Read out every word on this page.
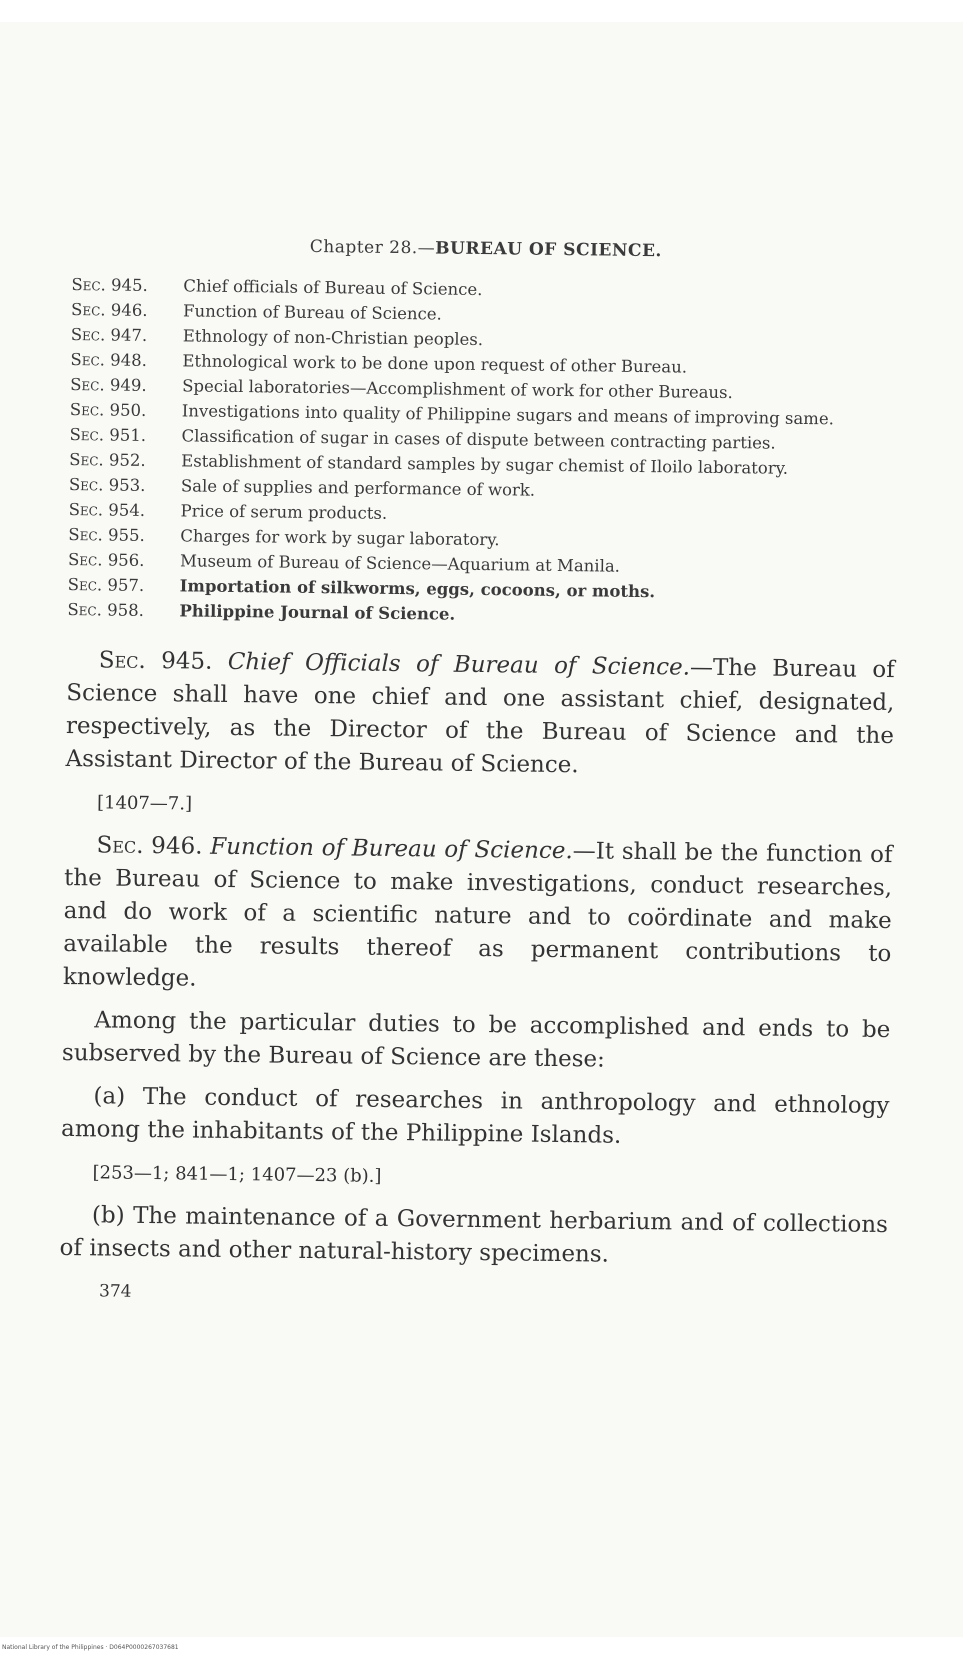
Chapter 28.—BUREAU OF SCIENCE.
Sec. 945.	Chief officials of Bureau of Science.
Sec. 946.	Function of Bureau of Science.
Sec. 947.	Ethnology of non-Christian peoples.
Sec. 948.	Ethnological work to be done upon request of other Bureau.
Sec. 949.	Special laboratories—Accomplishment of work for other Bureaus.
Sec. 950.	Investigations into quality of Philippine sugars and means of improving same.
Sec. 951.	Classification of sugar in cases of dispute between contracting parties.
Sec. 952.	Establishment of standard samples by sugar chemist of Iloilo laboratory.
Sec. 953.	Sale of supplies and performance of work.
Sec. 954.	Price of serum products.
Sec. 955.	Charges for work by sugar laboratory.
Sec. 956.	Museum of Bureau of Science—Aquarium at Manila.
Sec. 957.	Importation of silkworms, eggs, cocoons, or moths.
Sec. 958.	Philippine Journal of Science.

Sec. 945. Chief Officials of Bureau of Science.—The Bureau of Science shall have one chief and one assistant chief, designated, respectively, as the Director of the Bureau of Science and the Assistant Director of the Bureau of Science.

[1407—7.]

Sec. 946. Function of Bureau of Science.—It shall be the function of the Bureau of Science to make investigations, conduct researches, and do work of a scientific nature and to coördinate and make available the results thereof as permanent contributions to knowledge.

Among the particular duties to be accomplished and ends to be subserved by the Bureau of Science are these:

(a) The conduct of researches in anthropology and ethnology among the inhabitants of the Philippine Islands.

[253—1; 841—1; 1407—23 (b).]

(b) The maintenance of a Government herbarium and of collections of insects and other natural-history specimens.

374
National Library of the Philippines · D064P0000267037681
